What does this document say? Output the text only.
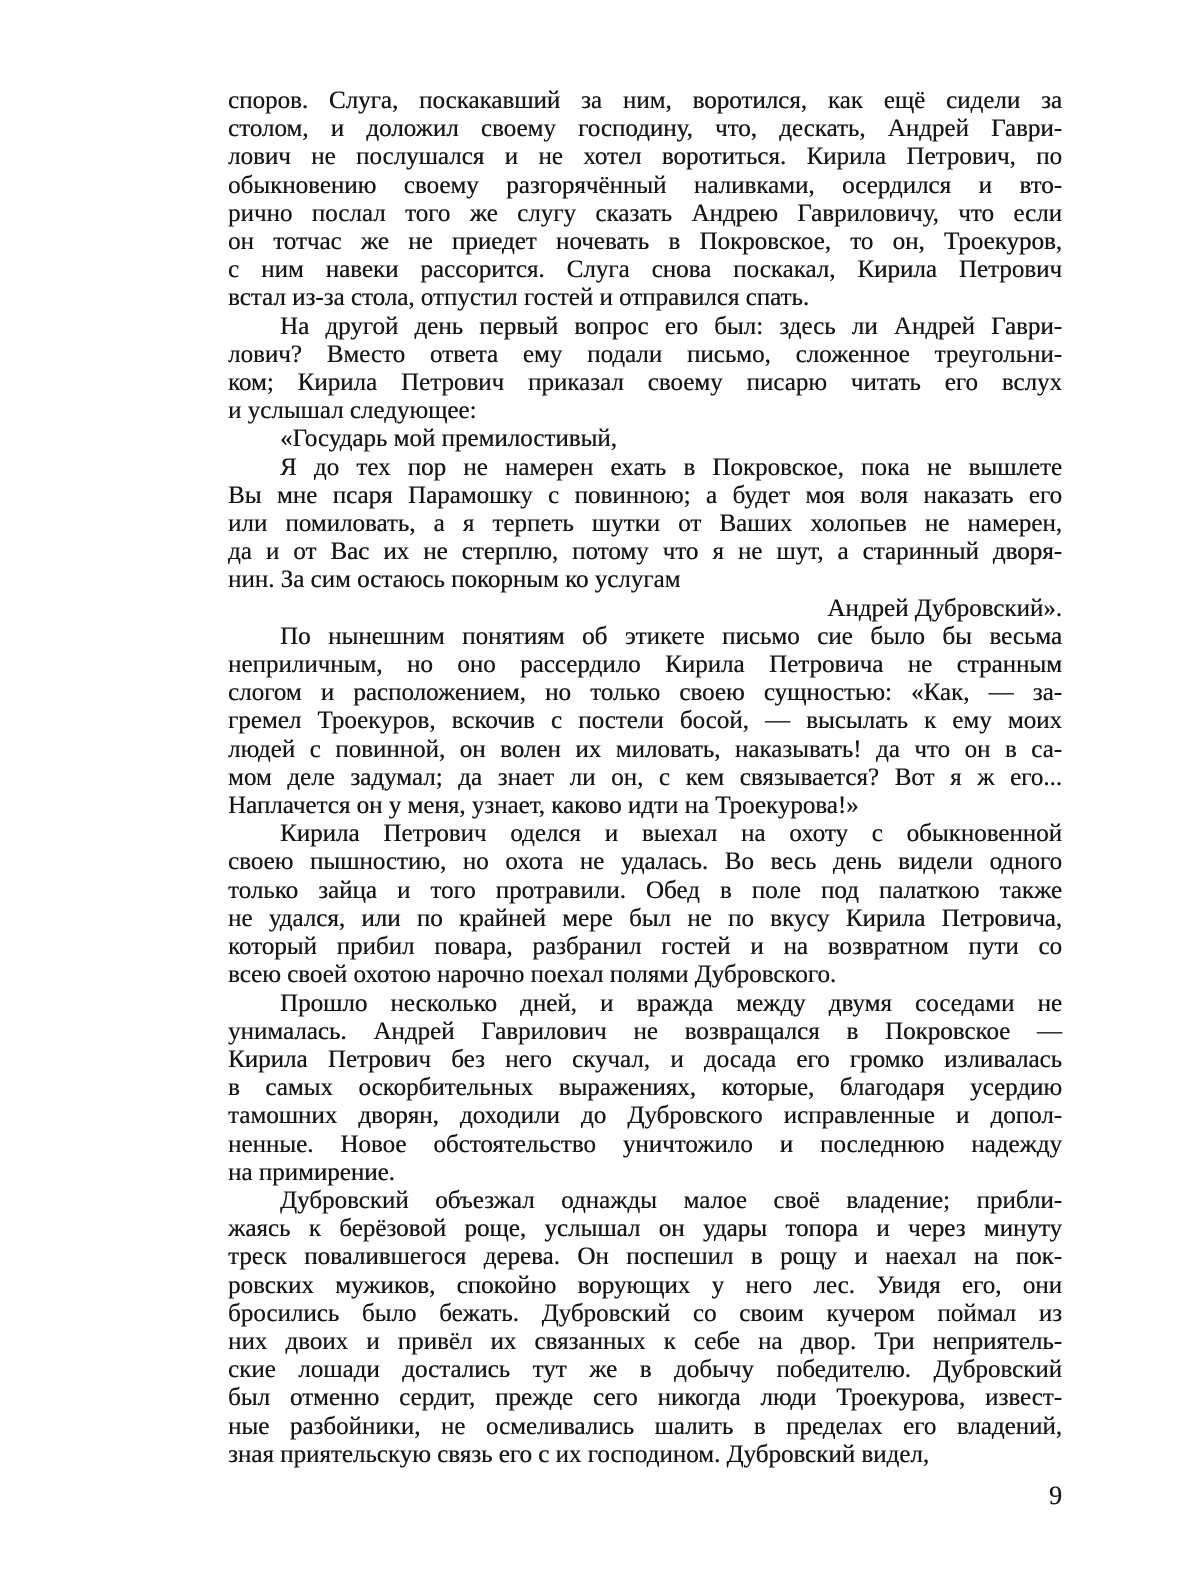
споров. Слуга, поскакавший за ним, воротился, как ещё сидели за
столом, и доложил своему господину, что, дескать, Андрей Гаври-
лович не послушался и не хотел воротиться. Кирила Петрович, по
обыкновению своему разгорячённый наливками, осердился и вто-
рично послал того же слугу сказать Андрею Гавриловичу, что если
он тотчас же не приедет ночевать в Покровское, то он, Троекуров,
с ним навеки рассорится. Слуга снова поскакал, Кирила Петрович
встал из-за стола, отпустил гостей и отправился спать.
На другой день первый вопрос его был: здесь ли Андрей Гаври-
лович? Вместо ответа ему подали письмо, сложенное треугольни-
ком; Кирила Петрович приказал своему писарю читать его вслух
и услышал следующее:
«Государь мой премилостивый,
Я до тех пор не намерен ехать в Покровское, пока не вышлете
Вы мне псаря Парамошку с повинною; а будет моя воля наказать его
или помиловать, а я терпеть шутки от Ваших холопьев не намерен,
да и от Вас их не стерплю, потому что я не шут, а старинный дворя-
нин. За сим остаюсь покорным ко услугам
Андрей Дубровский».
По нынешним понятиям об этикете письмо сие было бы весьма
неприличным, но оно рассердило Кирила Петровича не странным
слогом и расположением, но только своею сущностью: «Как, — за-
гремел Троекуров, вскочив с постели босой, — высылать к ему моих
людей с повинной, он волен их миловать, наказывать! да что он в са-
мом деле задумал; да знает ли он, с кем связывается? Вот я ж его...
Наплачется он у меня, узнает, каково идти на Троекурова!»
Кирила Петрович оделся и выехал на охоту с обыкновенной
своею пышностию, но охота не удалась. Во весь день видели одного
только зайца и того протравили. Обед в поле под палаткою также
не удался, или по крайней мере был не по вкусу Кирила Петровича,
который прибил повара, разбранил гостей и на возвратном пути со
всею своей охотою нарочно поехал полями Дубровского.
Прошло несколько дней, и вражда между двумя соседами не
унималась. Андрей Гаврилович не возвращался в Покровское —
Кирила Петрович без него скучал, и досада его громко изливалась
в самых оскорбительных выражениях, которые, благодаря усердию
тамошних дворян, доходили до Дубровского исправленные и допол-
ненные. Новое обстоятельство уничтожило и последнюю надежду
на примирение.
Дубровский объезжал однажды малое своё владение; прибли-
жаясь к берёзовой роще, услышал он удары топора и через минуту
треск повалившегося дерева. Он поспешил в рощу и наехал на пок-
ровских мужиков, спокойно ворующих у него лес. Увидя его, они
бросились было бежать. Дубровский со своим кучером поймал из
них двоих и привёл их связанных к себе на двор. Три неприятель-
ские лошади достались тут же в добычу победителю. Дубровский
был отменно сердит, прежде сего никогда люди Троекурова, извест-
ные разбойники, не осмеливались шалить в пределах его владений,
зная приятельскую связь его с их господином. Дубровский видел,
9
